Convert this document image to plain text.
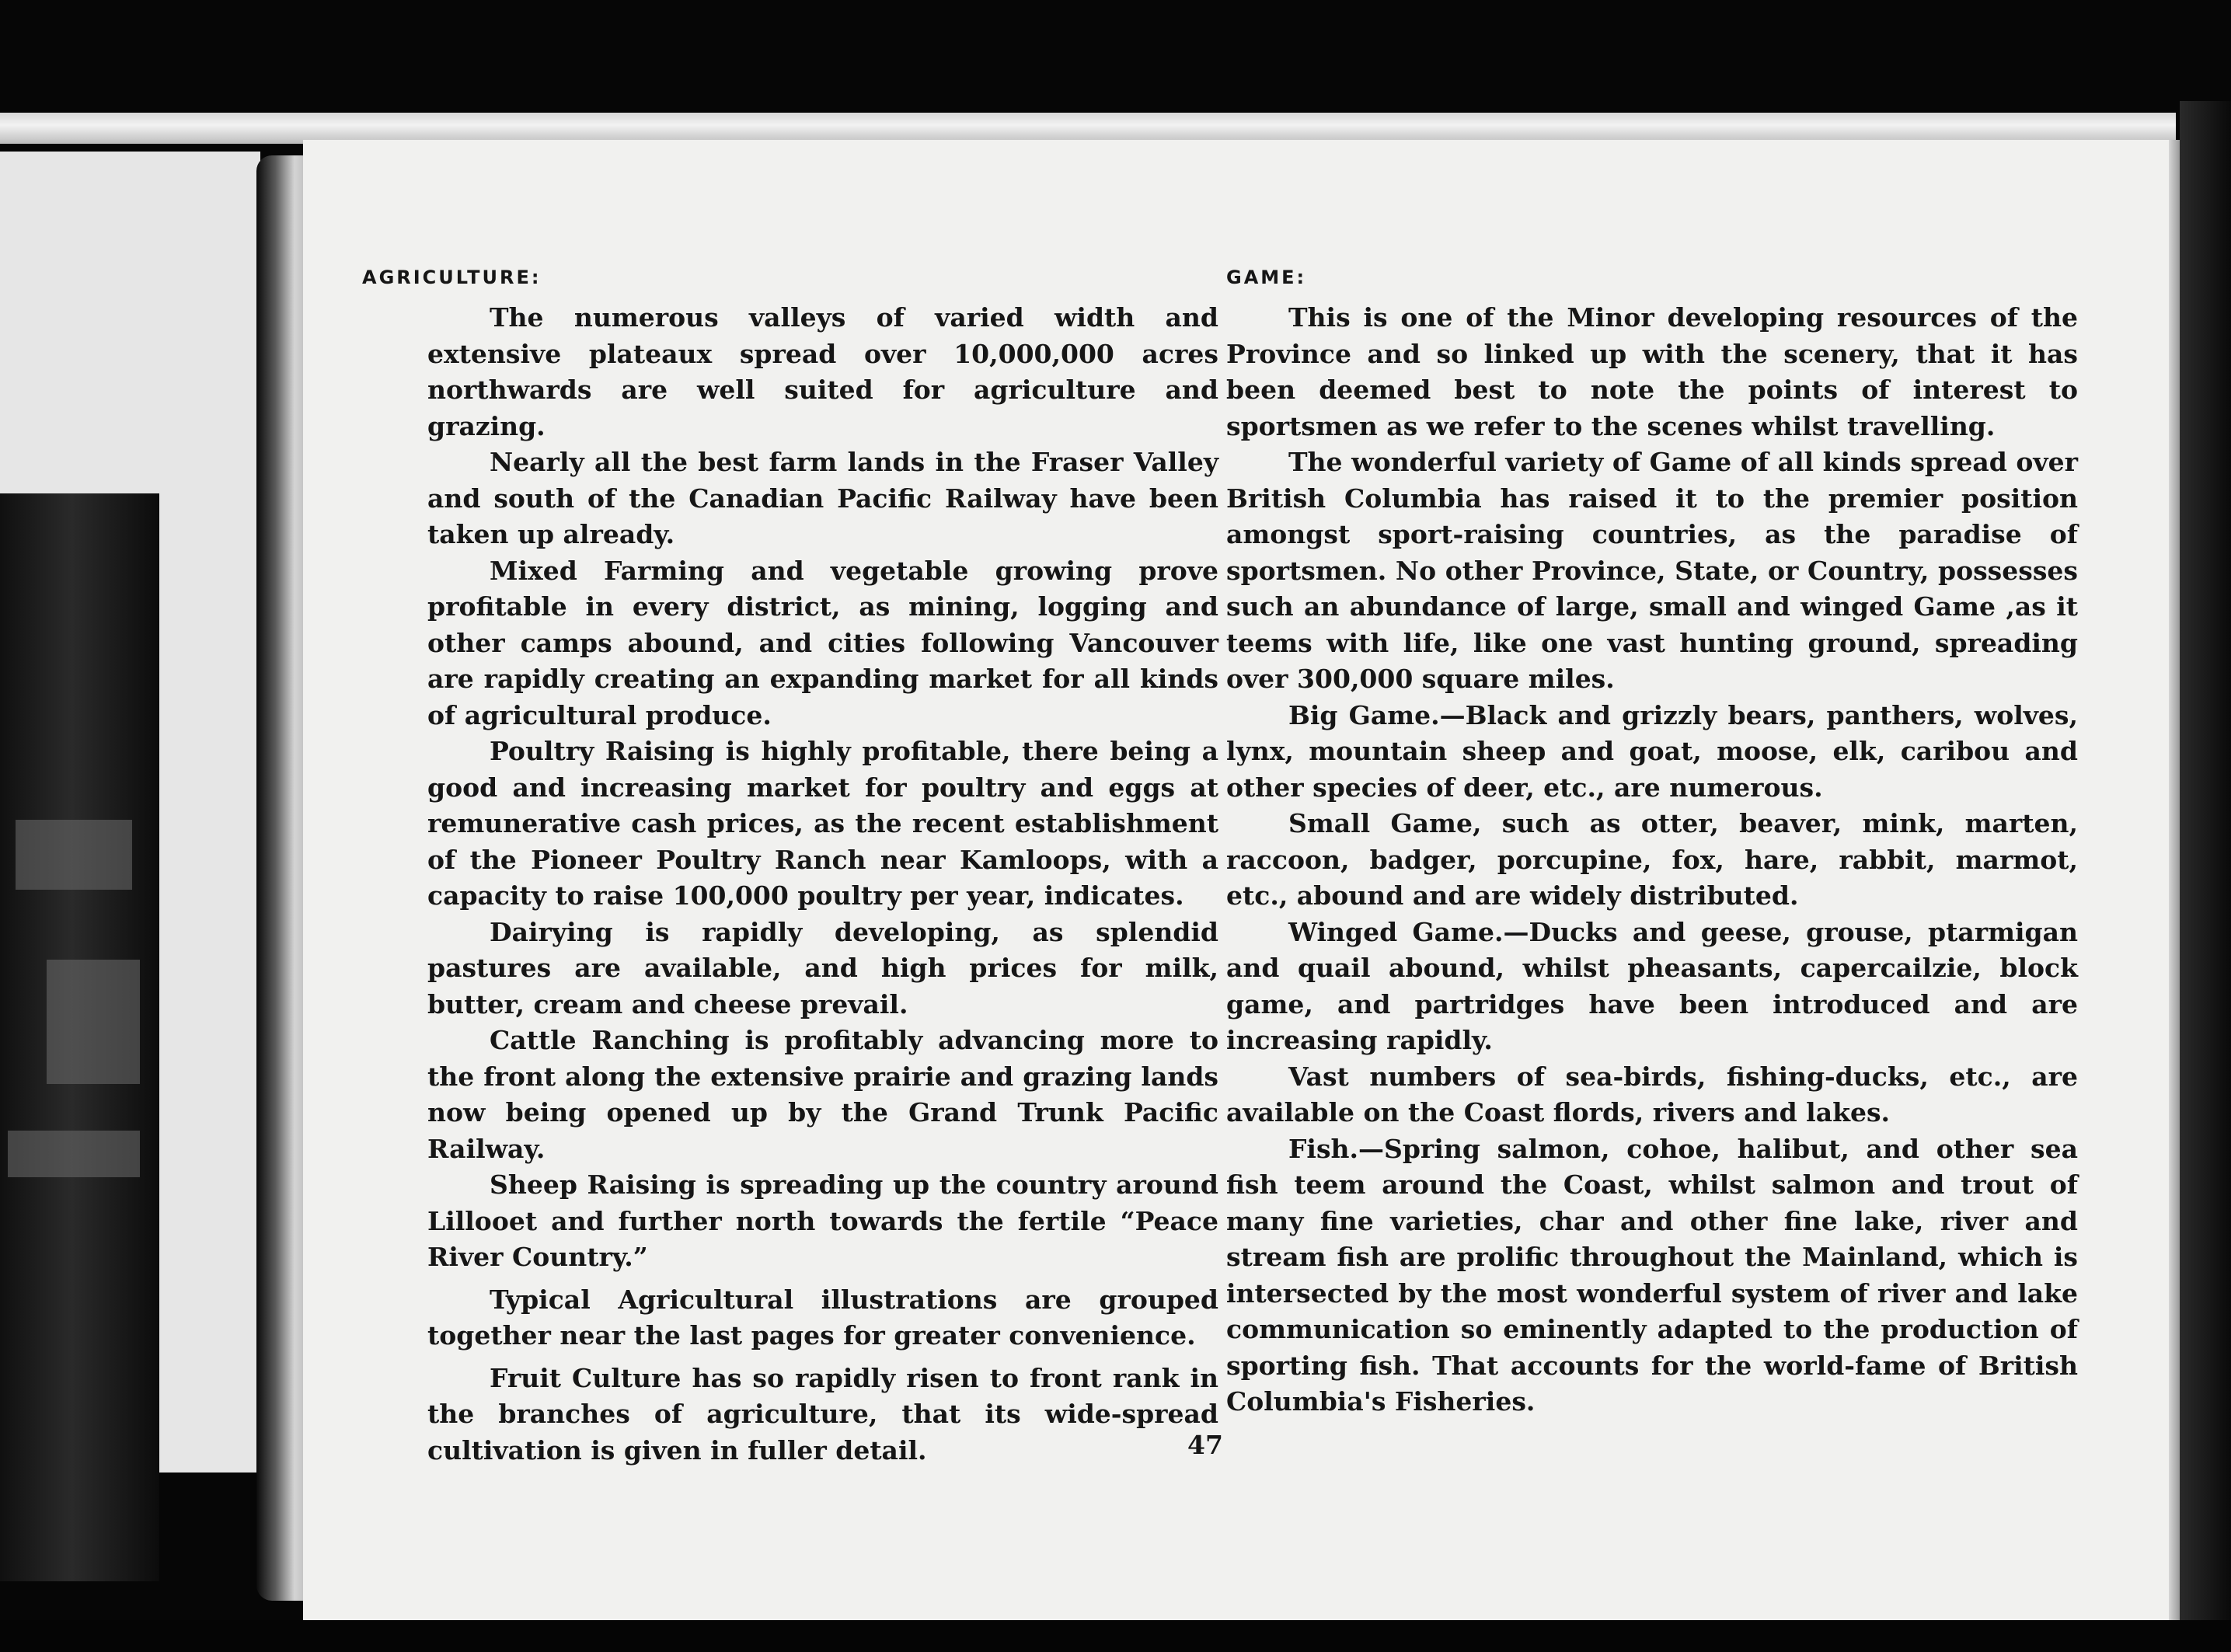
AGRICULTURE:

The numerous valleys of varied width and extensive plateaux spread over 10,000,000 acres northwards are well suited for agriculture and grazing.

Nearly all the best farm lands in the Fraser Valley and south of the Canadian Pacific Railway have been taken up already.

Mixed Farming and vegetable growing prove profitable in every district, as mining, logging and other camps abound, and cities following Vancouver are rapidly creating an expanding market for all kinds of agricultural produce.

Poultry Raising is highly profitable, there being a good and increasing market for poultry and eggs at remunerative cash prices, as the recent establishment of the Pioneer Poultry Ranch near Kamloops, with a capacity to raise 100,000 poultry per year, indicates.

Dairying is rapidly developing, as splendid pastures are available, and high prices for milk, butter, cream and cheese prevail.

Cattle Ranching is profitably advancing more to the front along the extensive prairie and grazing lands now being opened up by the Grand Trunk Pacific Railway.

Sheep Raising is spreading up the country around Lillooet and further north towards the fertile “Peace River Country.”

Typical Agricultural illustrations are grouped together near the last pages for greater convenience.

Fruit Culture has so rapidly risen to front rank in the branches of agriculture, that its wide-spread cultivation is given in fuller detail.

GAME:

This is one of the Minor developing resources of the Province and so linked up with the scenery, that it has been deemed best to note the points of interest to sportsmen as we refer to the scenes whilst travelling.

The wonderful variety of Game of all kinds spread over British Columbia has raised it to the premier position amongst sport-raising countries, as the paradise of sportsmen. No other Province, State, or Country, possesses such an abundance of large, small and winged Game ,as it teems with life, like one vast hunting ground, spreading over 300,000 square miles.

Big Game.—Black and grizzly bears, panthers, wolves, lynx, mountain sheep and goat, moose, elk, caribou and other species of deer, etc., are numerous.

Small Game, such as otter, beaver, mink, marten, raccoon, badger, porcupine, fox, hare, rabbit, marmot, etc., abound and are widely distributed.

Winged Game.—Ducks and geese, grouse, ptarmigan and quail abound, whilst pheasants, capercailzie, block game, and partridges have been introduced and are increasing rapidly.

Vast numbers of sea-birds, fishing-ducks, etc., are available on the Coast flords, rivers and lakes.

Fish.—Spring salmon, cohoe, halibut, and other sea fish teem around the Coast, whilst salmon and trout of many fine varieties, char and other fine lake, river and stream fish are prolific throughout the Mainland, which is intersected by the most wonderful system of river and lake communication so eminently adapted to the production of sporting fish. That accounts for the world-fame of British Columbia's Fisheries.

47
